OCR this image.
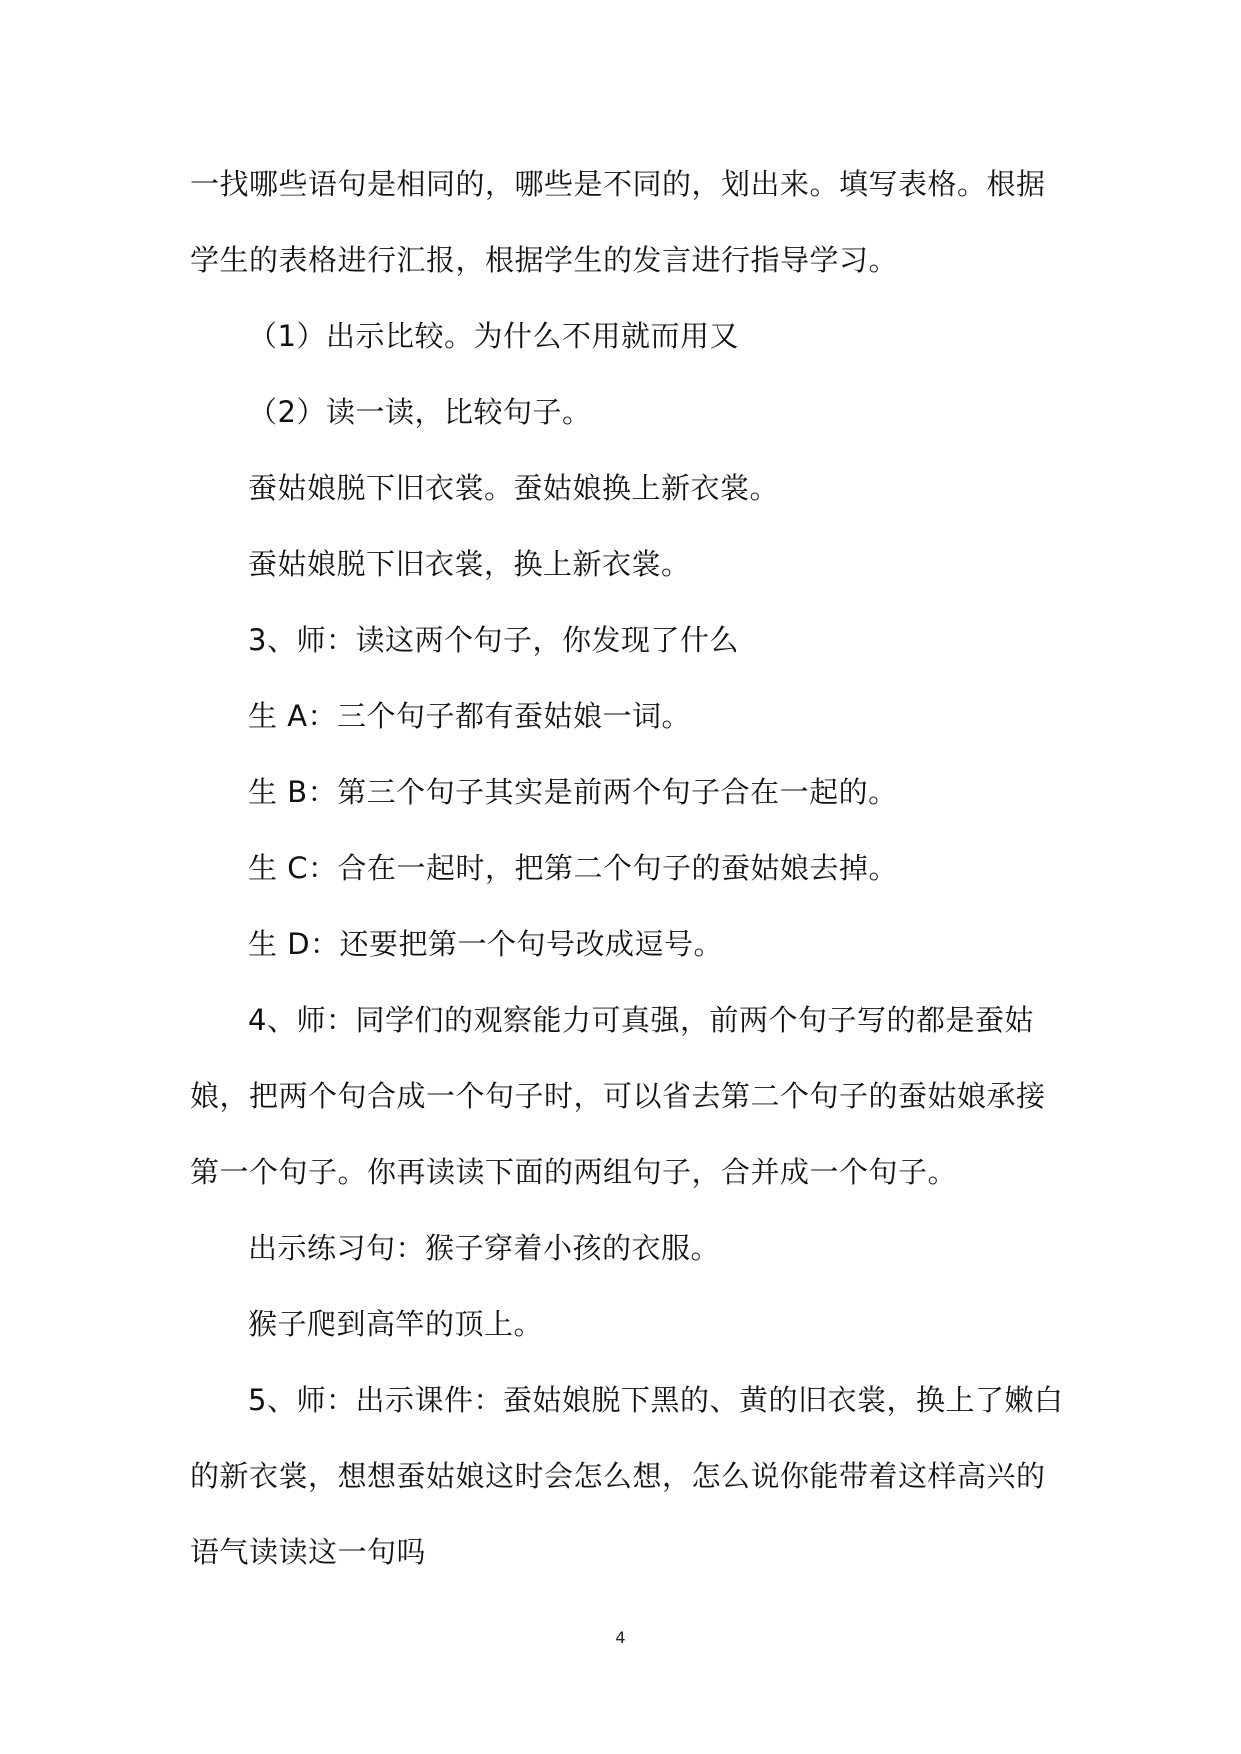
一找哪些语句是相同的，哪些是不同的，划出来。填写表格。根据学生的表格进行汇报，根据学生的发言进行指导学习。

（1）出示比较。为什么不用就而用又

（2）读一读，比较句子。

蚕姑娘脱下旧衣裳。蚕姑娘换上新衣裳。

蚕姑娘脱下旧衣裳，换上新衣裳。

3、师：读这两个句子，你发现了什么

生 A：三个句子都有蚕姑娘一词。

生 B：第三个句子其实是前两个句子合在一起的。

生 C：合在一起时，把第二个句子的蚕姑娘去掉。

生 D：还要把第一个句号改成逗号。

4、师：同学们的观察能力可真强，前两个句子写的都是蚕姑娘，把两个句合成一个句子时，可以省去第二个句子的蚕姑娘承接第一个句子。你再读读下面的两组句子，合并成一个句子。

出示练习句：猴子穿着小孩的衣服。

猴子爬到高竿的顶上。

5、师：出示课件：蚕姑娘脱下黑的、黄的旧衣裳，换上了嫩白的新衣裳，想想蚕姑娘这时会怎么想，怎么说你能带着这样高兴的语气读读这一句吗

4
